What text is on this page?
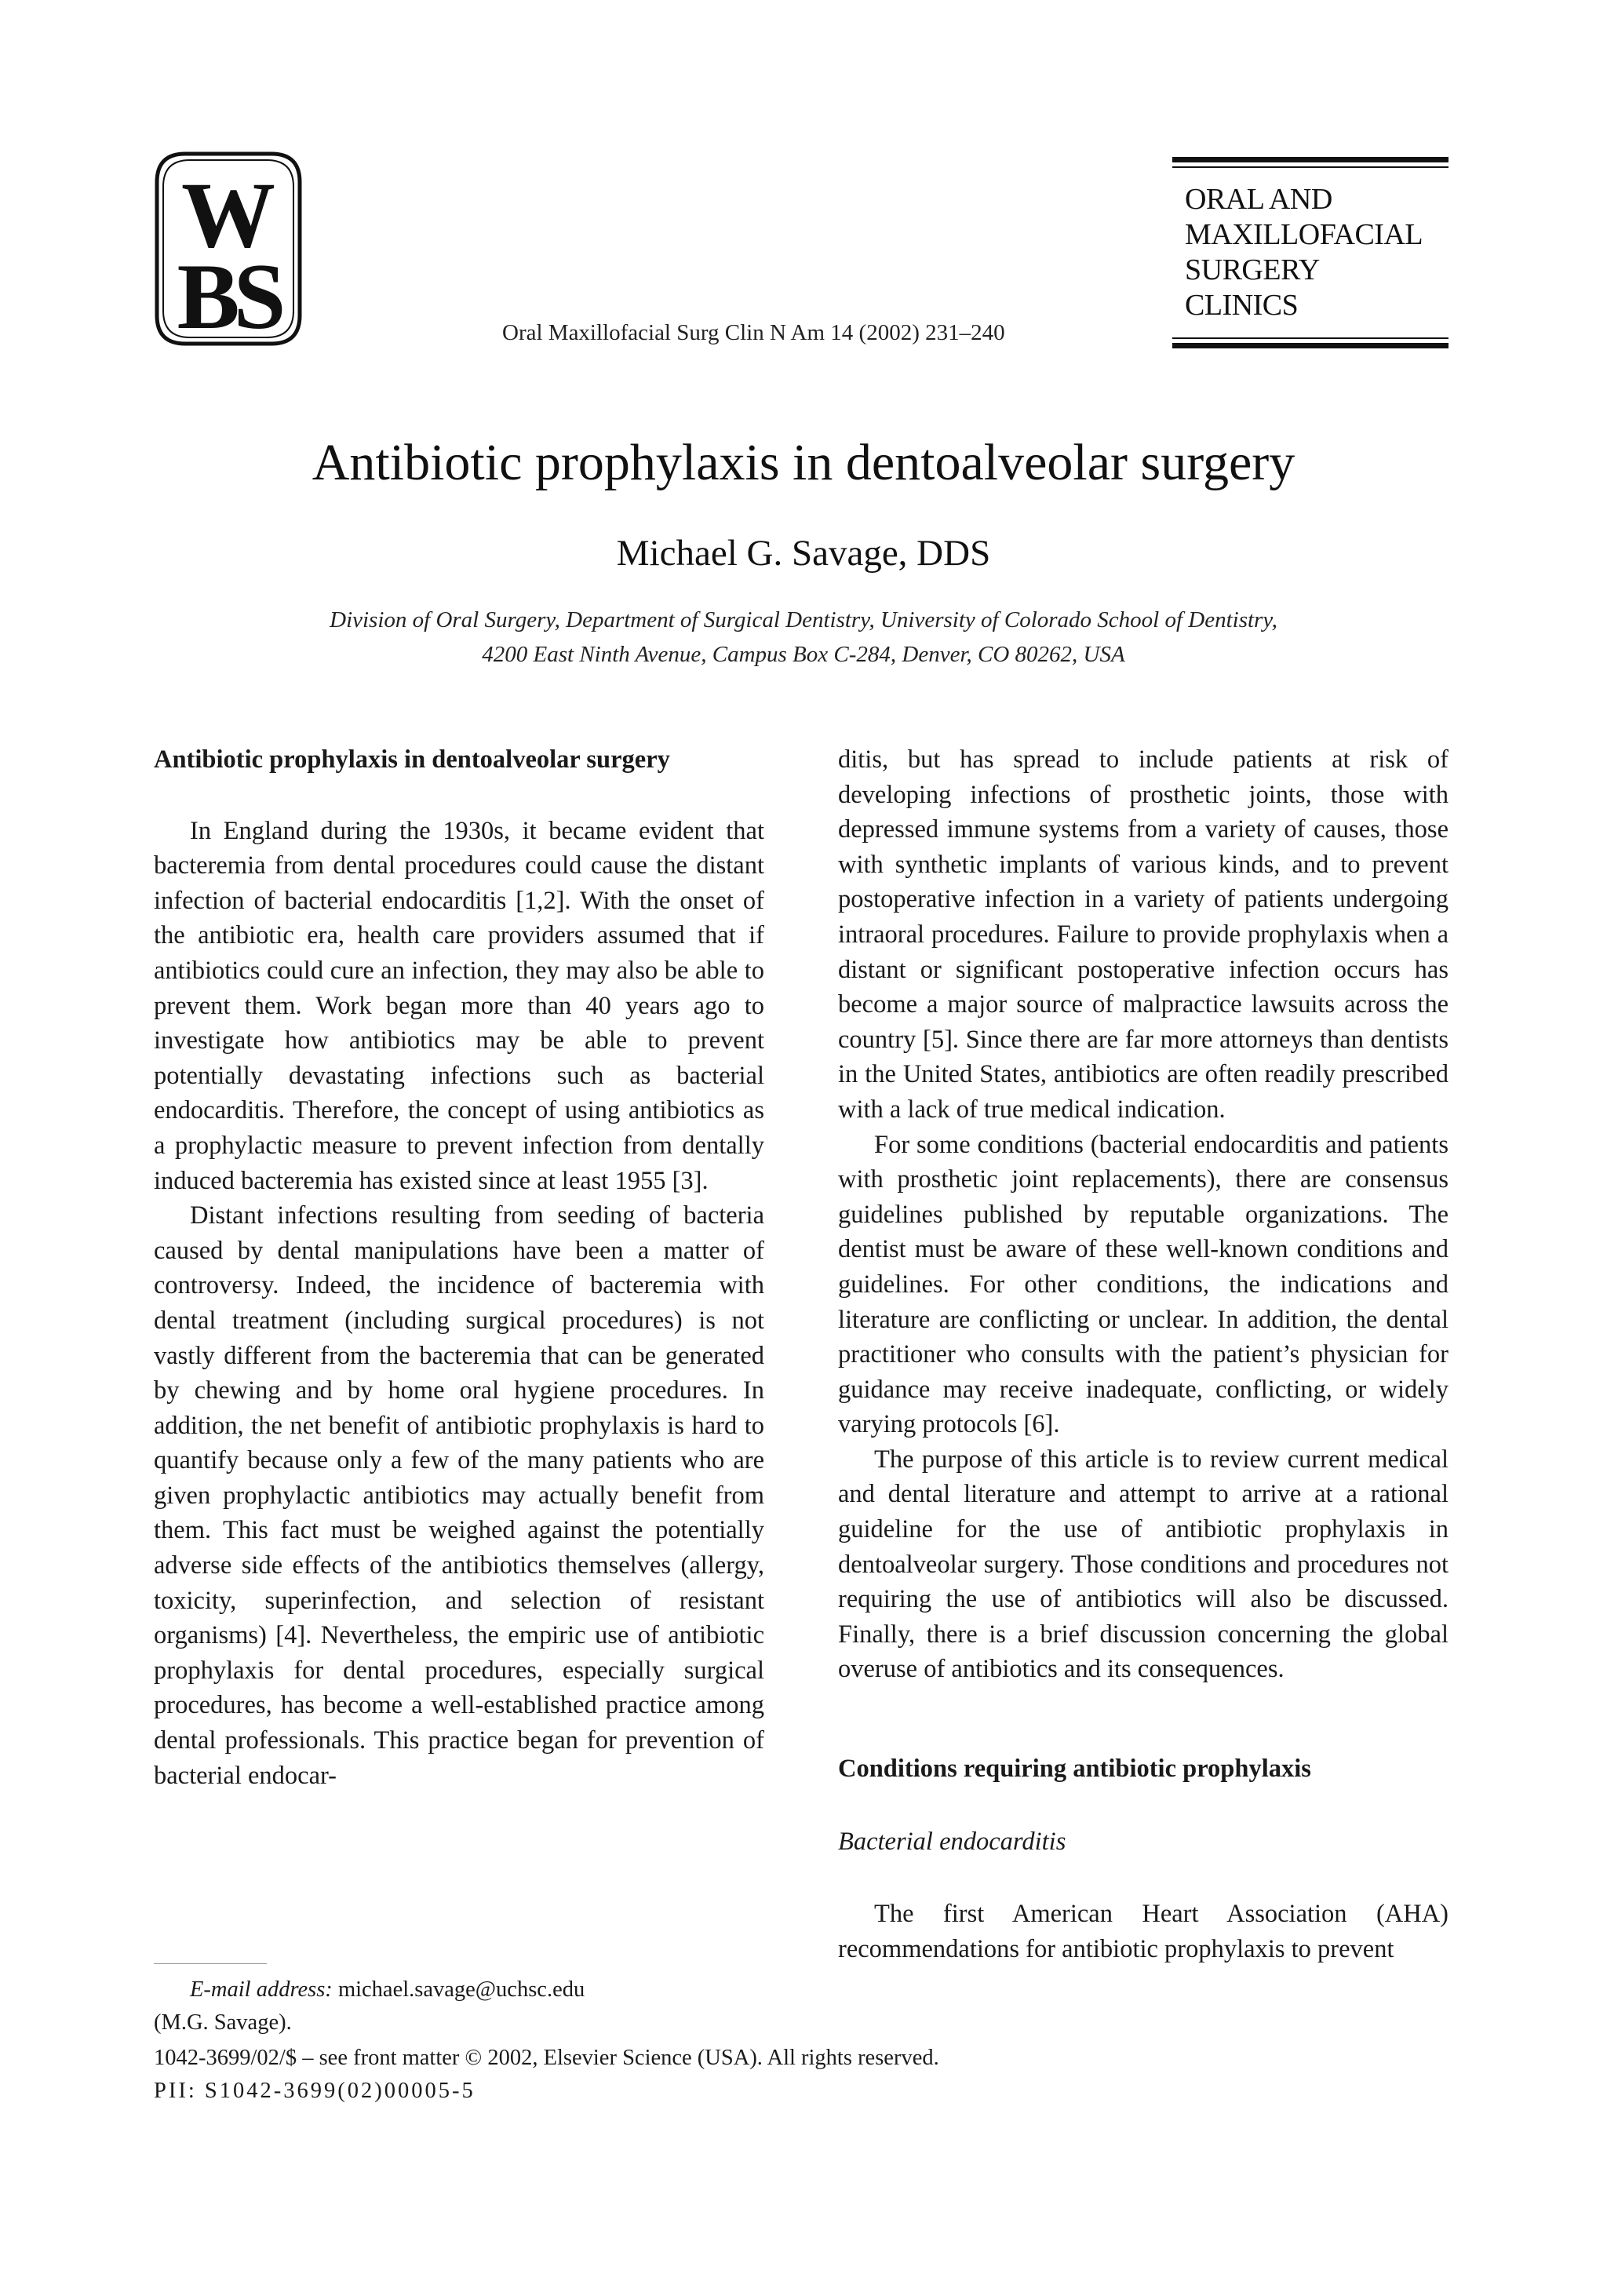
W
BS	Oral Maxillofacial Surg Clin N Am 14 (2002) 231–240
ORAL AND
MAXILLOFACIAL
SURGERY
CLINICS
Antibiotic prophylaxis in dentoalveolar surgery
Michael G. Savage, DDS
Division of Oral Surgery, Department of Surgical Dentistry, University of Colorado School of Dentistry,
4200 East Ninth Avenue, Campus Box C-284, Denver, CO 80262, USA
Antibiotic prophylaxis in dentoalveolar surgery

In England during the 1930s, it became evident that bacteremia from dental procedures could cause the distant infection of bacterial endocarditis [1,2]. With the onset of the antibiotic era, health care providers assumed that if antibiotics could cure an infection, they may also be able to prevent them. Work began more than 40 years ago to investigate how antibiotics may be able to prevent potentially devastating infections such as bacterial endocarditis. Therefore, the concept of using antibiotics as a prophylactic measure to prevent infection from dentally induced bacteremia has existed since at least 1955 [3].

Distant infections resulting from seeding of bacteria caused by dental manipulations have been a matter of controversy. Indeed, the incidence of bacteremia with dental treatment (including surgical procedures) is not vastly different from the bacteremia that can be generated by chewing and by home oral hygiene procedures. In addition, the net benefit of antibiotic prophylaxis is hard to quantify because only a few of the many patients who are given prophylactic antibiotics may actually benefit from them. This fact must be weighed against the potentially adverse side effects of the antibiotics themselves (allergy, toxicity, superinfection, and selection of resistant organisms) [4]. Nevertheless, the empiric use of antibiotic prophylaxis for dental procedures, especially surgical procedures, has become a well-established practice among dental professionals. This practice began for prevention of bacterial endocar-

ditis, but has spread to include patients at risk of developing infections of prosthetic joints, those with depressed immune systems from a variety of causes, those with synthetic implants of various kinds, and to prevent postoperative infection in a variety of patients undergoing intraoral procedures. Failure to provide prophylaxis when a distant or significant postoperative infection occurs has become a major source of malpractice lawsuits across the country [5]. Since there are far more attorneys than dentists in the United States, antibiotics are often readily prescribed with a lack of true medical indication.

For some conditions (bacterial endocarditis and patients with prosthetic joint replacements), there are consensus guidelines published by reputable organizations. The dentist must be aware of these well-known conditions and guidelines. For other conditions, the indications and literature are conflicting or unclear. In addition, the dental practitioner who consults with the patient’s physician for guidance may receive inadequate, conflicting, or widely varying protocols [6].

The purpose of this article is to review current medical and dental literature and attempt to arrive at a rational guideline for the use of antibiotic prophylaxis in dentoalveolar surgery. Those conditions and procedures not requiring the use of antibiotics will also be discussed. Finally, there is a brief discussion concerning the global overuse of antibiotics and its consequences.

Conditions requiring antibiotic prophylaxis
Bacterial endocarditis

The first American Heart Association (AHA) recommendations for antibiotic prophylaxis to prevent

E-mail address: michael.savage@uchsc.edu
(M.G. Savage).
1042-3699/02/$ – see front matter © 2002, Elsevier Science (USA). All rights reserved.
PII: S1042-3699(02)00005-5
